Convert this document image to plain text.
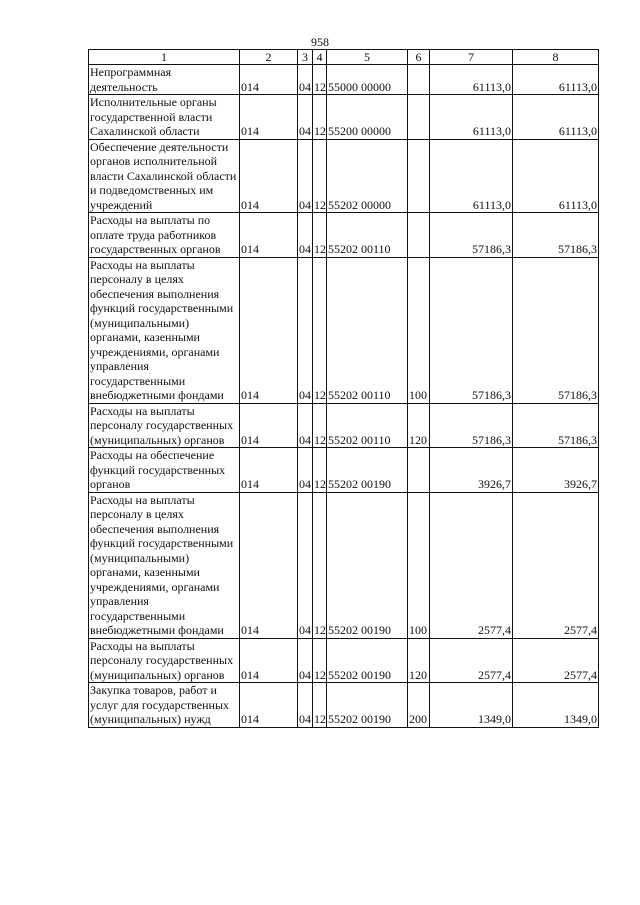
958
1	2	3	4	5	6	7	8
Непрограммная деятельность	014	04	12	55000 00000		61113,0	61113,0
Исполнительные органы государственной власти Сахалинской области	014	04	12	55200 00000		61113,0	61113,0
Обеспечение деятельности органов исполнительной власти Сахалинской области и подведомственных им учреждений	014	04	12	55202 00000		61113,0	61113,0
Расходы на выплаты по оплате труда работников государственных органов	014	04	12	55202 00110		57186,3	57186,3
Расходы на выплаты персоналу в целях обеспечения выполнения функций государственными (муниципальными) органами, казенными учреждениями, органами управления государственными внебюджетными фондами	014	04	12	55202 00110	100	57186,3	57186,3
Расходы на выплаты персоналу государственных (муниципальных) органов	014	04	12	55202 00110	120	57186,3	57186,3
Расходы на обеспечение функций государственных органов	014	04	12	55202 00190		3926,7	3926,7
Расходы на выплаты персоналу в целях обеспечения выполнения функций государственными (муниципальными) органами, казенными учреждениями, органами управления государственными внебюджетными фондами	014	04	12	55202 00190	100	2577,4	2577,4
Расходы на выплаты персоналу государственных (муниципальных) органов	014	04	12	55202 00190	120	2577,4	2577,4
Закупка товаров, работ и услуг для государственных (муниципальных) нужд	014	04	12	55202 00190	200	1349,0	1349,0
